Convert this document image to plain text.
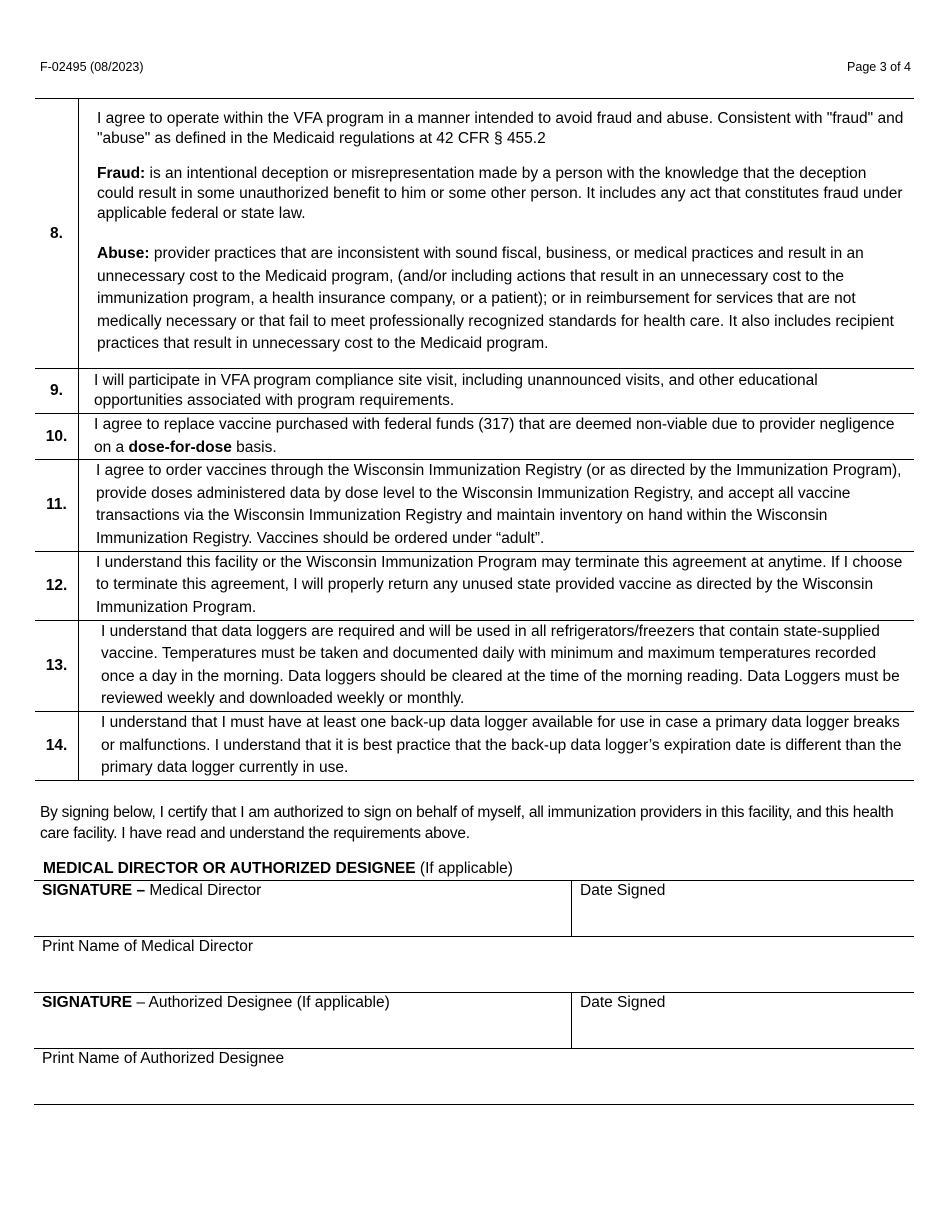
F-02495 (08/2023)	Page 3 of 4
8.	I agree to operate within the VFA program in a manner intended to avoid fraud and abuse. Consistent with "fraud" and "abuse" as defined in the Medicaid regulations at 42 CFR § 455.2

Fraud: is an intentional deception or misrepresentation made by a person with the knowledge that the deception could result in some unauthorized benefit to him or some other person. It includes any act that constitutes fraud under applicable federal or state law.

Abuse: provider practices that are inconsistent with sound fiscal, business, or medical practices and result in an unnecessary cost to the Medicaid program, (and/or including actions that result in an unnecessary cost to the immunization program, a health insurance company, or a patient); or in reimbursement for services that are not medically necessary or that fail to meet professionally recognized standards for health care. It also includes recipient practices that result in unnecessary cost to the Medicaid program.

9.	I will participate in VFA program compliance site visit, including unannounced visits, and other educational opportunities associated with program requirements.
10.	I agree to replace vaccine purchased with federal funds (317) that are deemed non-viable due to provider negligence on a dose-for-dose basis.
11.	I agree to order vaccines through the Wisconsin Immunization Registry (or as directed by the Immunization Program), provide doses administered data by dose level to the Wisconsin Immunization Registry, and accept all vaccine transactions via the Wisconsin Immunization Registry and maintain inventory on hand within the Wisconsin Immunization Registry. Vaccines should be ordered under “adult”.
12.	I understand this facility or the Wisconsin Immunization Program may terminate this agreement at anytime. If I choose to terminate this agreement, I will properly return any unused state provided vaccine as directed by the Wisconsin Immunization Program.
13.	I understand that data loggers are required and will be used in all refrigerators/freezers that contain state-supplied vaccine. Temperatures must be taken and documented daily with minimum and maximum temperatures recorded once a day in the morning. Data loggers should be cleared at the time of the morning reading. Data Loggers must be reviewed weekly and downloaded weekly or monthly.
14.	I understand that I must have at least one back-up data logger available for use in case a primary data logger breaks or malfunctions. I understand that it is best practice that the back-up data logger’s expiration date is different than the primary data logger currently in use.
By signing below, I certify that I am authorized to sign on behalf of myself, all immunization providers in this facility, and this health care facility. I have read and understand the requirements above.
MEDICAL DIRECTOR OR AUTHORIZED DESIGNEE (If applicable)
SIGNATURE – Medical Director	Date Signed
Print Name of Medical Director
SIGNATURE – Authorized Designee (If applicable)	Date Signed
Print Name of Authorized Designee
